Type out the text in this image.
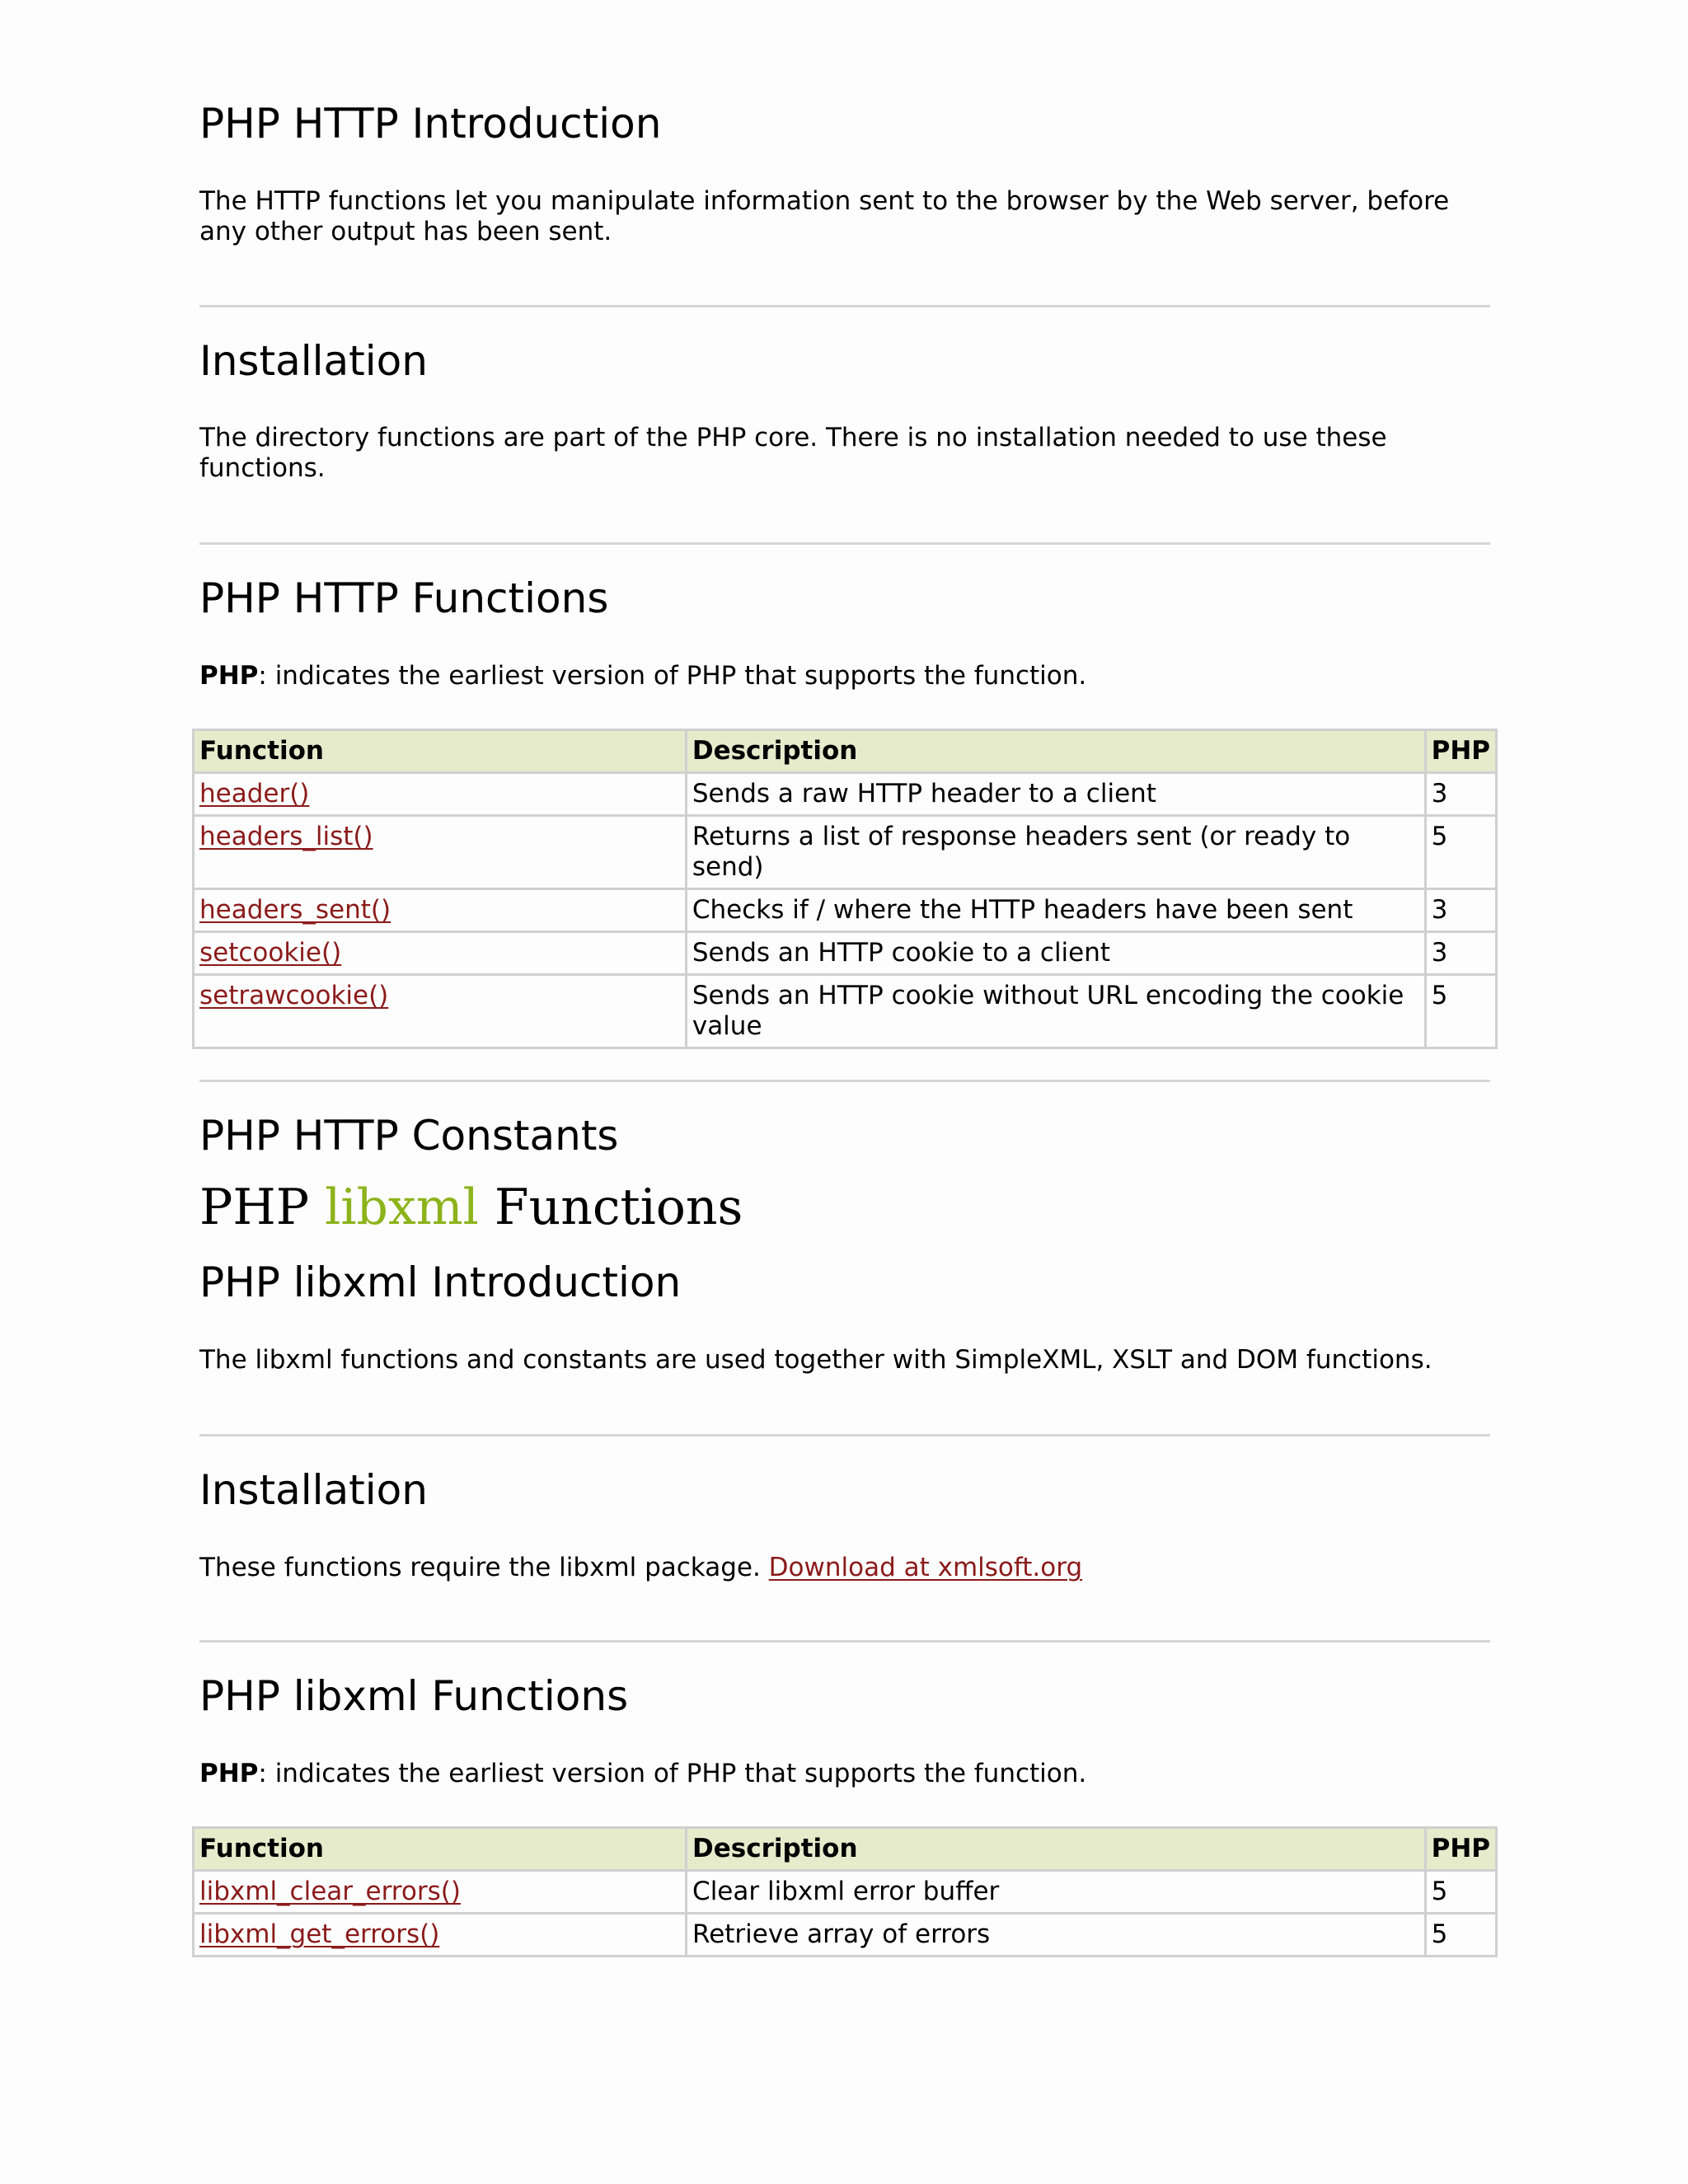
PHP HTTP Introduction

The HTTP functions let you manipulate information sent to the browser by the Web server, before any other output has been sent.

Installation

The directory functions are part of the PHP core. There is no installation needed to use these functions.

PHP HTTP Functions

PHP: indicates the earliest version of PHP that supports the function.

Function	Description	PHP
header()	Sends a raw HTTP header to a client	3
headers_list()	Returns a list of response headers sent (or ready to send)	5
headers_sent()	Checks if / where the HTTP headers have been sent	3
setcookie()	Sends an HTTP cookie to a client	3
setrawcookie()	Sends an HTTP cookie without URL encoding the cookie value	5
PHP HTTP Constants
PHP libxml Functions
PHP libxml Introduction

The libxml functions and constants are used together with SimpleXML, XSLT and DOM functions.

Installation

These functions require the libxml package. Download at xmlsoft.org

PHP libxml Functions

PHP: indicates the earliest version of PHP that supports the function.

Function	Description	PHP
libxml_clear_errors()	Clear libxml error buffer	5
libxml_get_errors()	Retrieve array of errors	5
